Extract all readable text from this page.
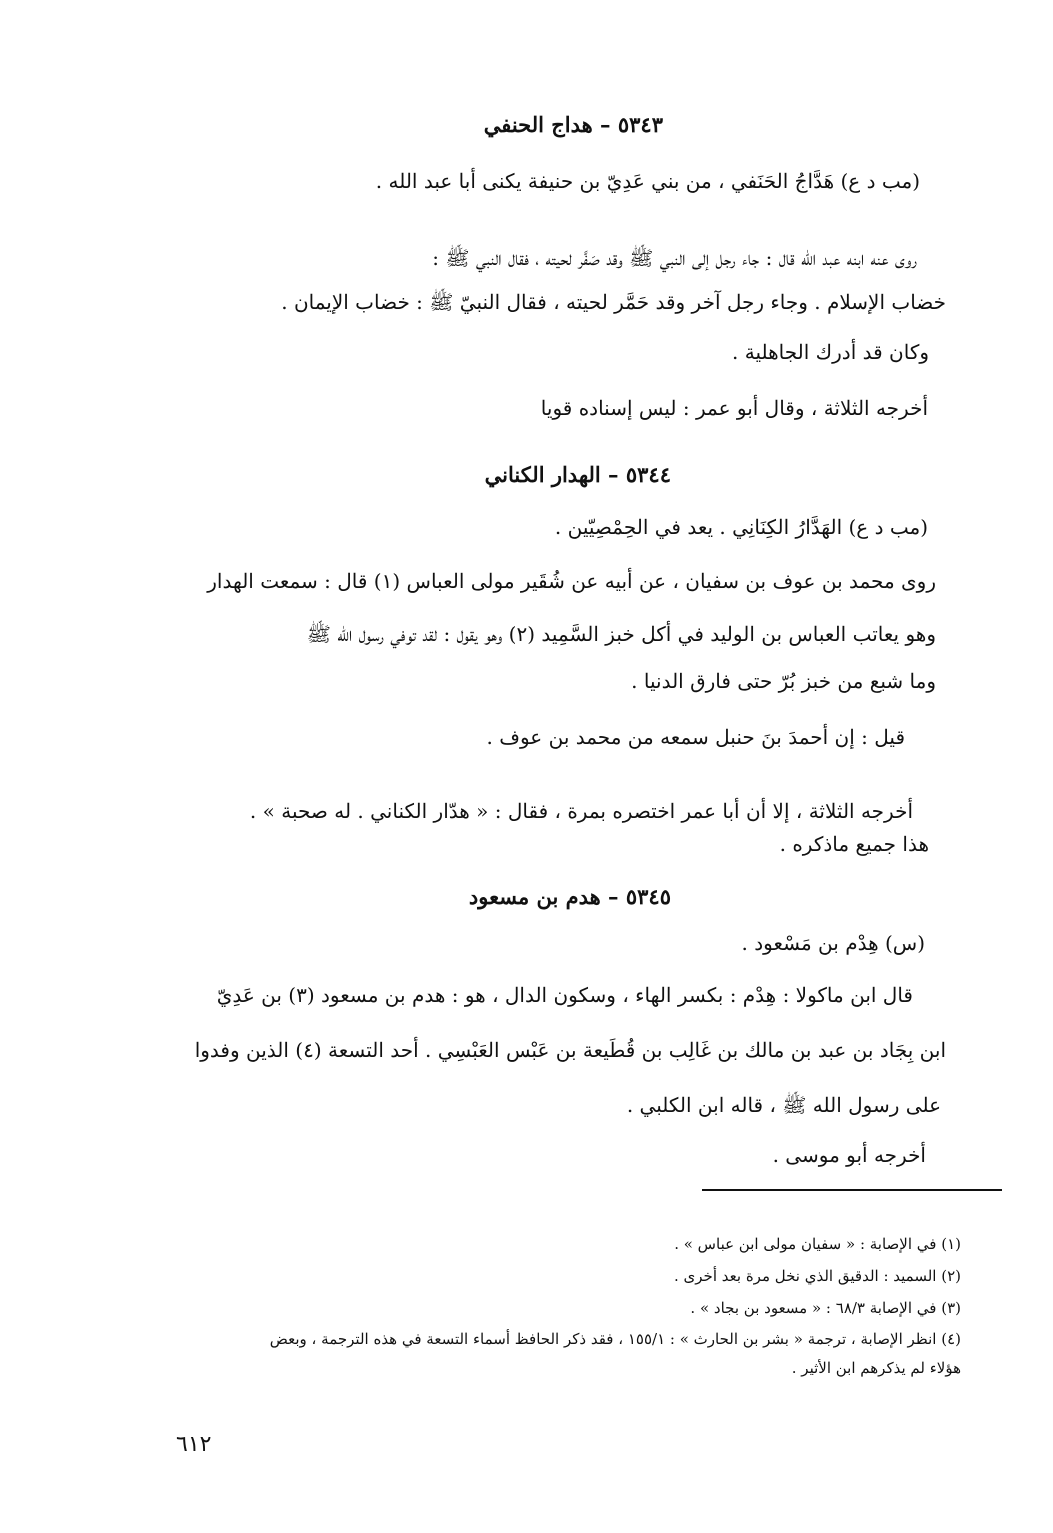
٥٣٤٣ – هداج الحنفي
(مب د ع) هَدَّاجُ الحَنَفي ، من بني عَدِيّ بن حنيفة يكنى أبا عبد الله .
روى عنه ابنه عبد الله قال : جاء رجل إلى النبي ﷺ وقد صَفَّر لحيته ، فقال النبي ﷺ :
خضاب الإسلام . وجاء رجل آخر وقد حَمَّر لحيته ، فقال النبيّ ﷺ : خضاب الإيمان .
وكان قد أدرك الجاهلية .
أخرجه الثلاثة ، وقال أبو عمر : ليس إسناده قويا
٥٣٤٤ – الهدار الكناني
(مب د ع) الهَدَّارُ الكِنَانِي . يعد في الحِمْصِيّين .
روى محمد بن عوف بن سفيان ، عن أبيه عن شُقَير مولى العباس (١) قال : سمعت الهدار
وهو يعاتب العباس بن الوليد في أكل خبز السَّمِيد (٢) وهو يقول : لقد توفي رسول الله ﷺ
وما شبع من خبز بُرّ حتى فارق الدنيا .
قيل : إن أحمدَ بنَ حنبل سمعه من محمد بن عوف .
أخرجه الثلاثة ، إلا أن أبا عمر اختصره بمرة ، فقال : « هدّار الكناني . له صحبة » .
هذا جميع ماذكره .
٥٣٤٥ – هدم بن مسعود
(س) هِدْم بن مَسْعود .
قال ابن ماكولا : هِدْم : بكسر الهاء ، وسكون الدال ، هو : هدم بن مسعود (٣) بن عَدِيّ
ابن بِجَاد بن عبد بن مالك بن غَالِب بن قُطَيعة بن عَبْس العَبْسِي . أحد التسعة (٤) الذين وفدوا
على رسول الله ﷺ ، قاله ابن الكلبي .
أخرجه أبو موسى .
(١) في الإصابة : « سفيان مولى ابن عباس » .
(٢) السميد : الدقيق الذي نخل مرة بعد أخرى .
(٣) في الإصابة ٦٨/٣ : « مسعود بن بجاد » .
(٤) انظر الإصابة ، ترجمة « بشر بن الحارث » : ١٥٥/١ ، فقد ذكر الحافظ أسماء التسعة في هذه الترجمة ، وبعض
هؤلاء لم يذكرهم ابن الأثير .
٦١٢
